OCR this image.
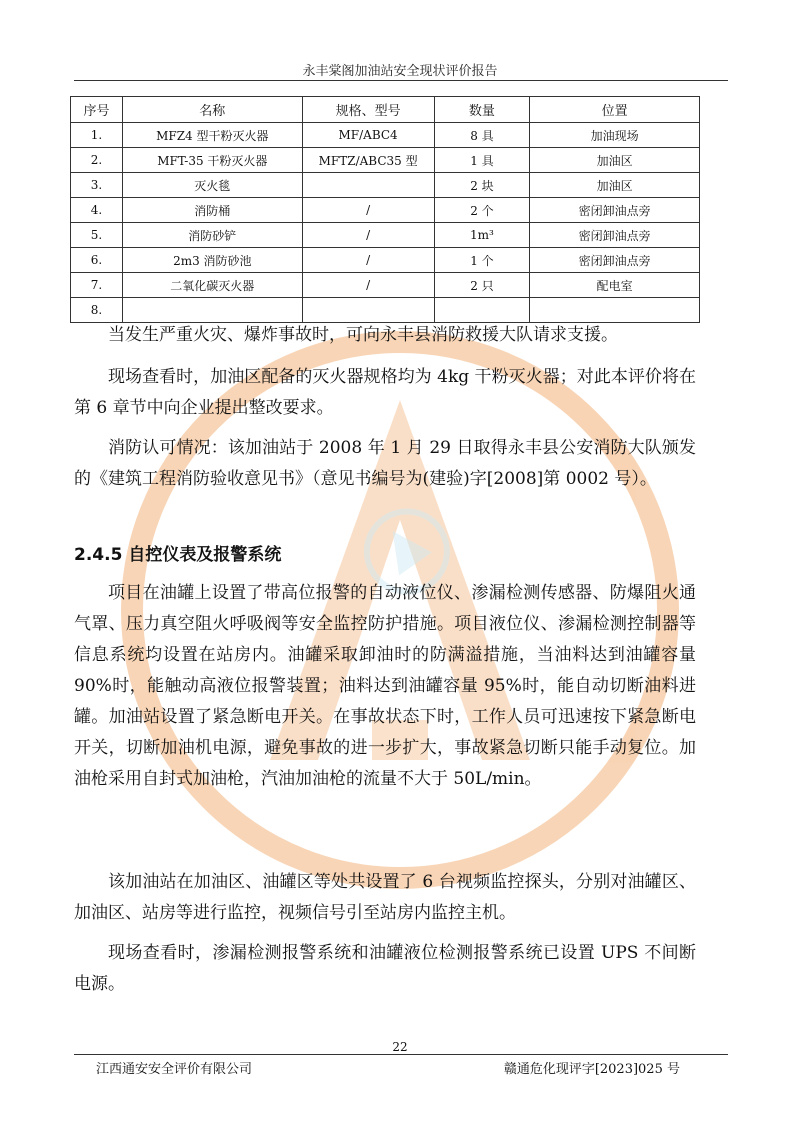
永丰棠阁加油站安全现状评价报告
序号	名称	规格、型号	数量	位置
1.	MFZ4 型干粉灭火器	MF/ABC4	8 具	加油现场
2.	MFT-35 干粉灭火器	MFTZ/ABC35 型	1 具	加油区
3.	灭火毯		2 块	加油区
4.	消防桶	/	2 个	密闭卸油点旁
5.	消防砂铲	/	1m³	密闭卸油点旁
6.	2m3 消防砂池	/	1 个	密闭卸油点旁
7.	二氧化碳灭火器	/	2 只	配电室
8.				

当发生严重火灾、爆炸事故时，可向永丰县消防救援大队请求支援。

现场查看时，加油区配备的灭火器规格均为 4kg 干粉灭火器；对此本评价将在第 6 章节中向企业提出整改要求。

消防认可情况：该加油站于 2008 年 1 月 29 日取得永丰县公安消防大队颁发的《建筑工程消防验收意见书》（意见书编号为(建验)字[2008]第 0002 号）。

2.4.5 自控仪表及报警系统

项目在油罐上设置了带高位报警的自动液位仪、渗漏检测传感器、防爆阻火通气罩、压力真空阻火呼吸阀等安全监控防护措施。项目液位仪、渗漏检测控制器等信息系统均设置在站房内。油罐采取卸油时的防满溢措施，当油料达到油罐容量 90%时，能触动高液位报警装置；油料达到油罐容量 95%时，能自动切断油料进罐。加油站设置了紧急断电开关。在事故状态下时，工作人员可迅速按下紧急断电开关，切断加油机电源，避免事故的进一步扩大，事故紧急切断只能手动复位。加油枪采用自封式加油枪，汽油加油枪的流量不大于 50L/min。

该加油站在加油区、油罐区等处共设置了 6 台视频监控探头，分别对油罐区、加油区、站房等进行监控，视频信号引至站房内监控主机。

现场查看时，渗漏检测报警系统和油罐液位检测报警系统已设置 UPS 不间断电源。

22
江西通安安全评价有限公司	赣通危化现评字[2023]025 号
